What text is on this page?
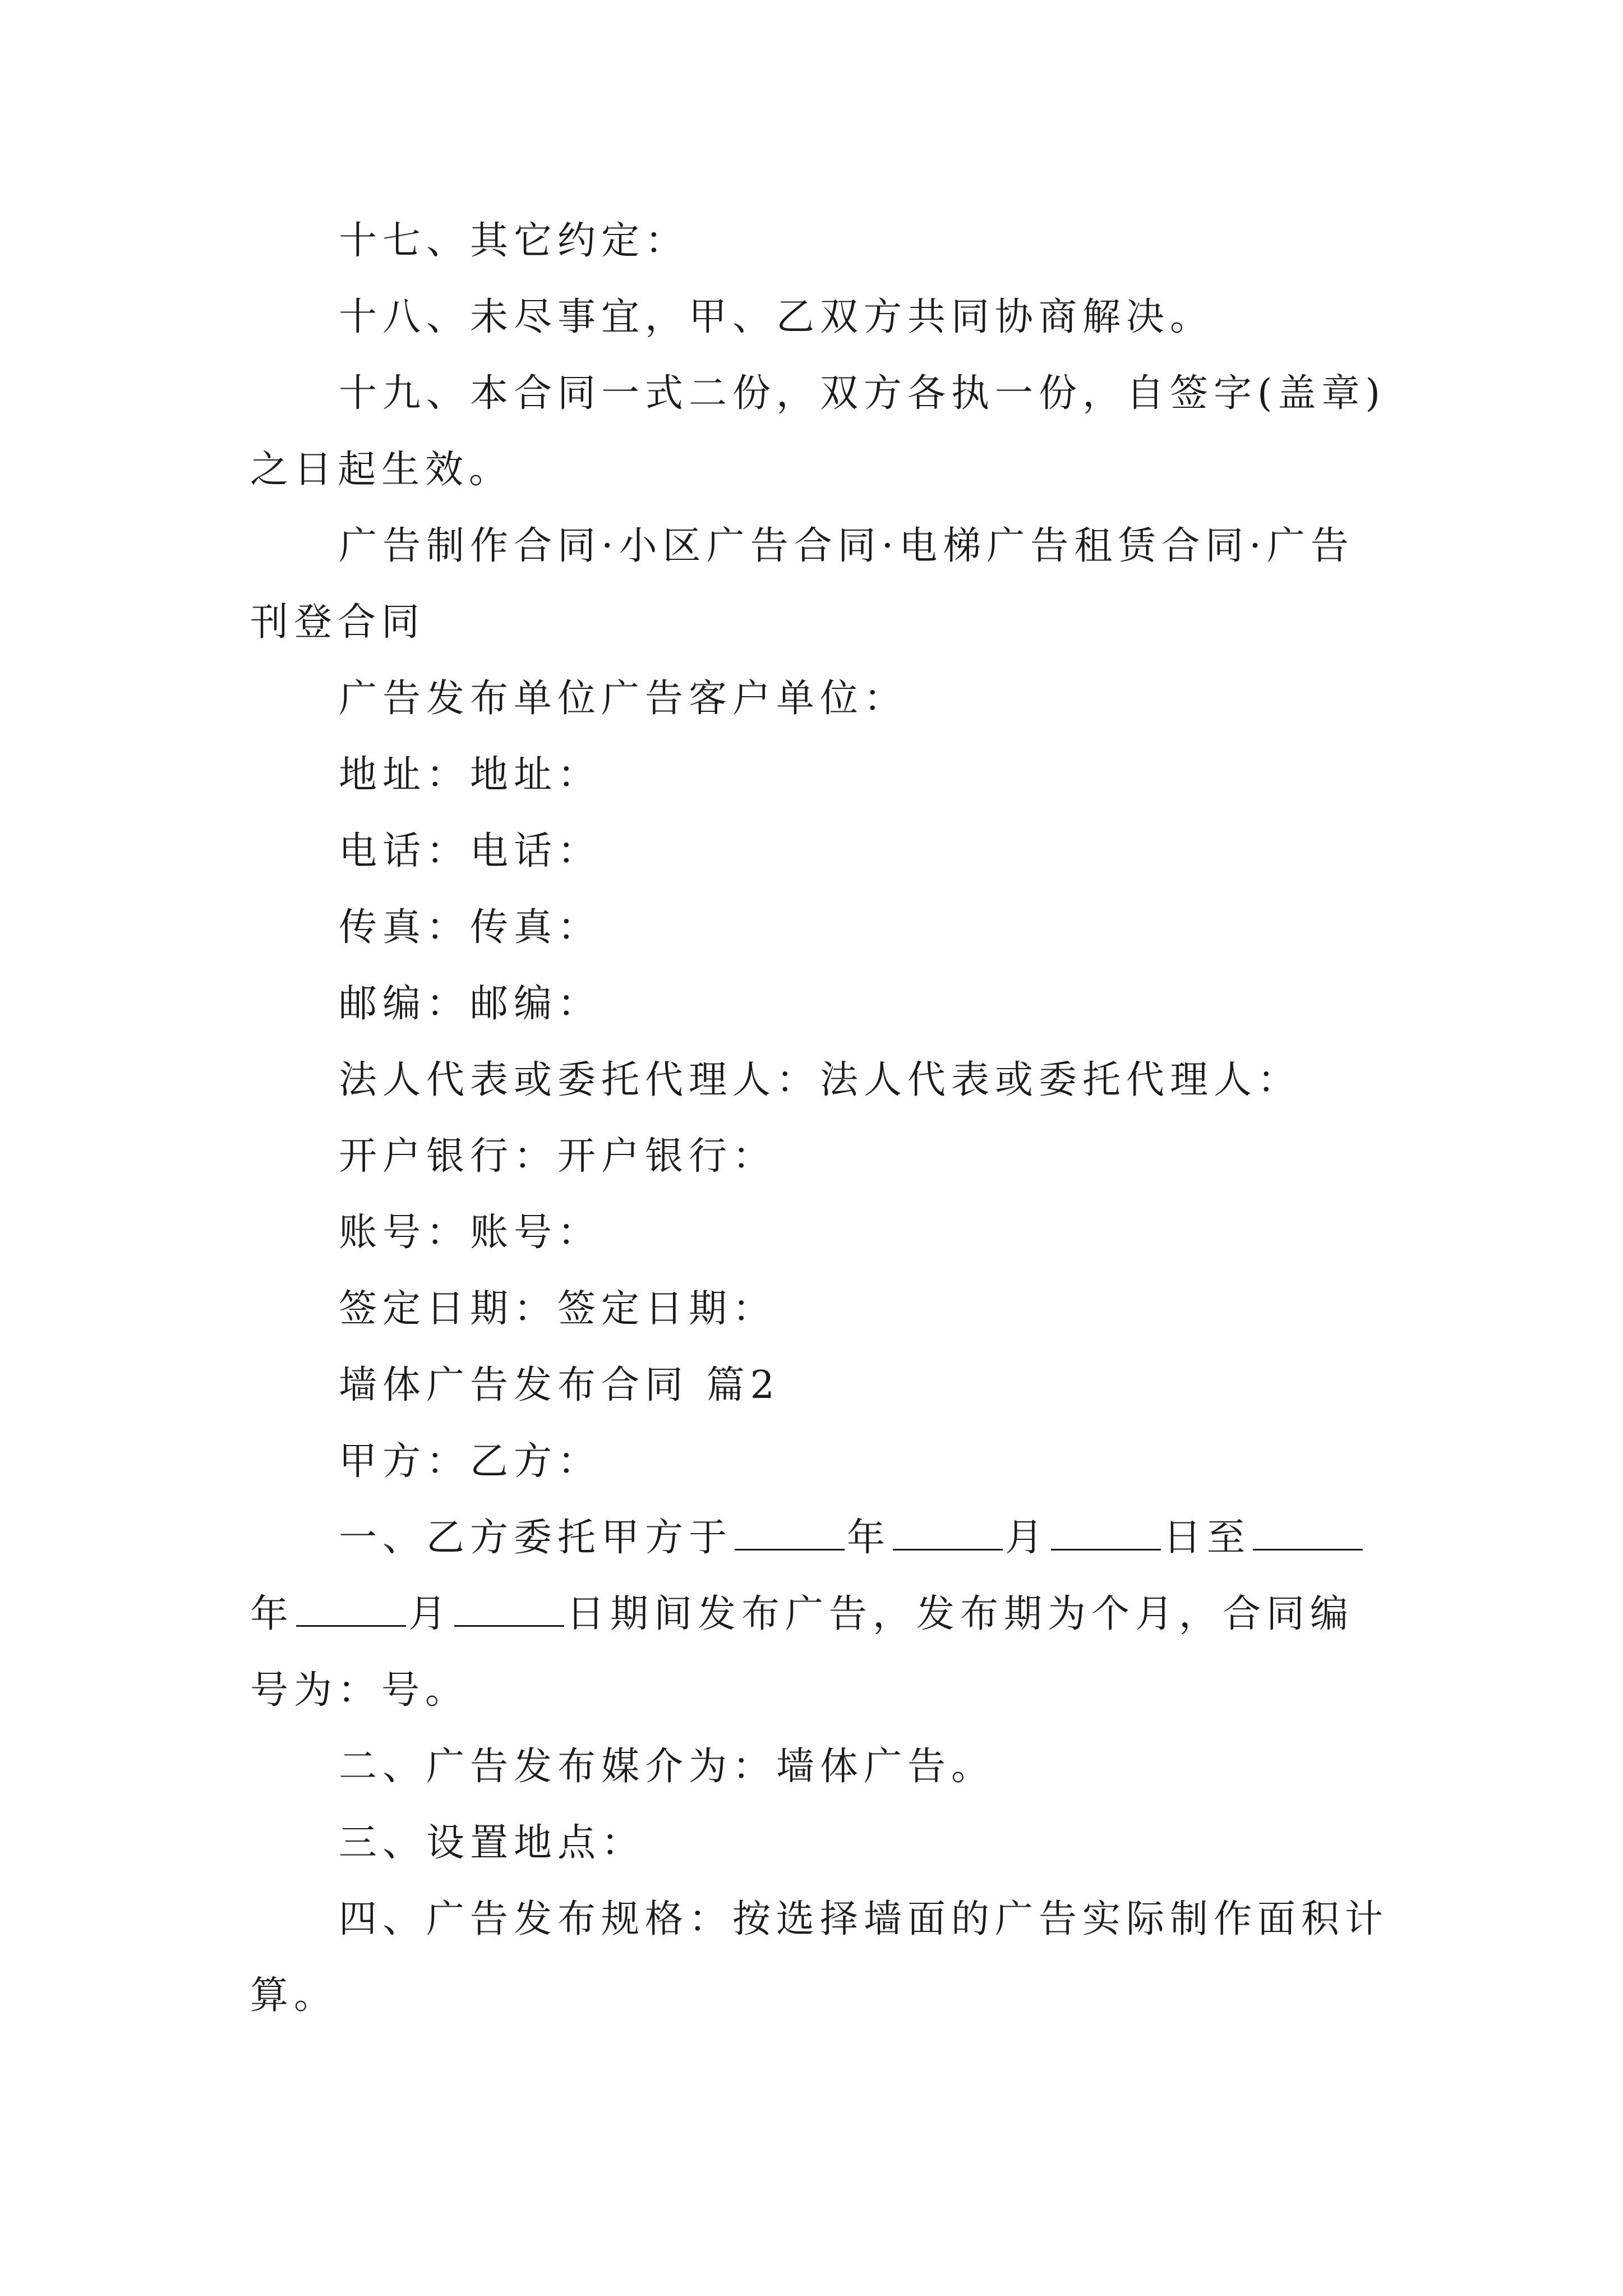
十七、其它约定：

十八、未尽事宜，甲、乙双方共同协商解决。

十九、本合同一式二份，双方各执一份，自签字(盖章)之日起生效。

广告制作合同·小区广告合同·电梯广告租赁合同·广告刊登合同

广告发布单位广告客户单位：

地址：地址：

电话：电话：

传真：传真：

邮编：邮编：

法人代表或委托代理人：法人代表或委托代理人：

开户银行：开户银行：

账号：账号：

签定日期：签定日期：

墙体广告发布合同 篇2

甲方：乙方：

一、乙方委托甲方于	年	月	日至年	月	日期间发布广告，发布期为个月，合同编号为：号。

二、广告发布媒介为：墙体广告。

三、设置地点：

四、广告发布规格：按选择墙面的广告实际制作面积计算。
